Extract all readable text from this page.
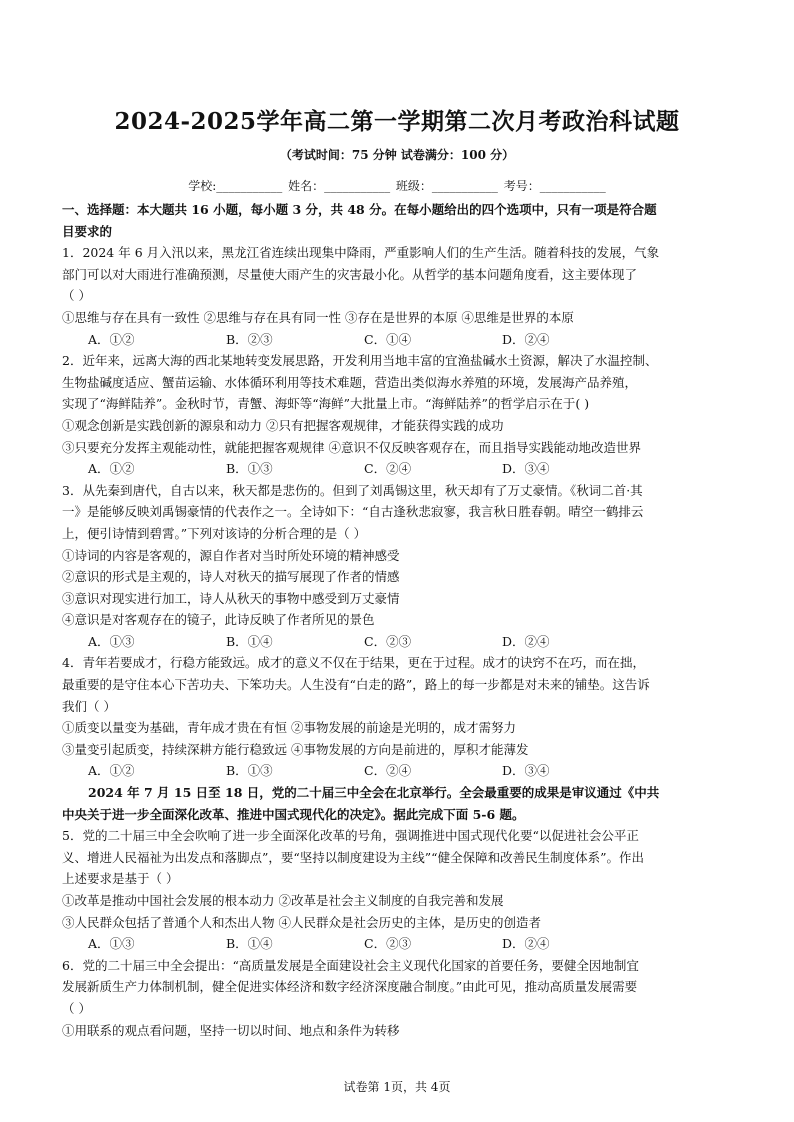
2024-2025学年高二第一学期第二次月考政治科试题
（考试时间：75 分钟 试卷满分：100 分）
学校:___________ 姓名：___________ 班级：___________ 考号：___________
一、选择题：本大题共 16 小题，每小题 3 分，共 48 分。在每小题给出的四个选项中，只有一项是符合题
目要求的
1．2024 年 6 月入汛以来，黑龙江省连续出现集中降雨，严重影响人们的生产生活。随着科技的发展，气象
部门可以对大雨进行准确预测，尽量使大雨产生的灾害最小化。从哲学的基本问题角度看，这主要体现了
（ ）
①思维与存在具有一致性 ②思维与存在具有同一性 ③存在是世界的本原 ④思维是世界的本原
A．①②	B．②③	C．①④	D．②④
2．近年来，远离大海的西北某地转变发展思路，开发利用当地丰富的宜渔盐碱水土资源，解决了水温控制、
生物盐碱度适应、蟹苗运输、水体循环利用等技术难题，营造出类似海水养殖的环境，发展海产品养殖，
实现了“海鲜陆养”。金秋时节，青蟹、海虾等“海鲜”大批量上市。“海鲜陆养”的哲学启示在于( )
①观念创新是实践创新的源泉和动力 ②只有把握客观规律，才能获得实践的成功
③只要充分发挥主观能动性，就能把握客观规律 ④意识不仅反映客观存在，而且指导实践能动地改造世界
A．①②	B．①③	C．②④	D．③④
3．从先秦到唐代，自古以来，秋天都是悲伤的。但到了刘禹锡这里，秋天却有了万丈豪情。《秋词二首·其
一》是能够反映刘禹锡豪情的代表作之一。全诗如下：“自古逢秋悲寂寥，我言秋日胜春朝。晴空一鹤排云
上，便引诗情到碧霄。”下列对该诗的分析合理的是（ ）
①诗词的内容是客观的，源自作者对当时所处环境的精神感受
②意识的形式是主观的，诗人对秋天的描写展现了作者的情感
③意识对现实进行加工，诗人从秋天的事物中感受到万丈豪情
④意识是对客观存在的镜子，此诗反映了作者所见的景色
A．①③	B．①④	C．②③	D．②④
4．青年若要成才，行稳方能致远。成才的意义不仅在于结果，更在于过程。成才的诀窍不在巧，而在拙，
最重要的是守住本心下苦功夫、下笨功夫。人生没有“白走的路”，路上的每一步都是对未来的铺垫。这告诉
我们（ ）
①质变以量变为基础，青年成才贵在有恒 ②事物发展的前途是光明的，成才需努力
③量变引起质变，持续深耕方能行稳致远 ④事物发展的方向是前进的，厚积才能薄发
A．①②	B．①③	C．②④	D．③④
2024 年 7 月 15 日至 18 日，党的二十届三中全会在北京举行。全会最重要的成果是审议通过《中共
中央关于进一步全面深化改革、推进中国式现代化的决定》。据此完成下面 5-6 题。
5．党的二十届三中全会吹响了进一步全面深化改革的号角，强调推进中国式现代化要“以促进社会公平正
义、增进人民福祉为出发点和落脚点”，要“坚持以制度建设为主线”“健全保障和改善民生制度体系”。作出
上述要求是基于（ ）
①改革是推动中国社会发展的根本动力 ②改革是社会主义制度的自我完善和发展
③人民群众包括了普通个人和杰出人物 ④人民群众是社会历史的主体，是历史的创造者
A．①③	B．①④	C．②③	D．②④
6．党的二十届三中全会提出：“高质量发展是全面建设社会主义现代化国家的首要任务，要健全因地制宜
发展新质生产力体制机制，健全促进实体经济和数字经济深度融合制度。”由此可见，推动高质量发展需要
（ ）
①用联系的观点看问题，坚持一切以时间、地点和条件为转移
试卷第 1页，共 4页
